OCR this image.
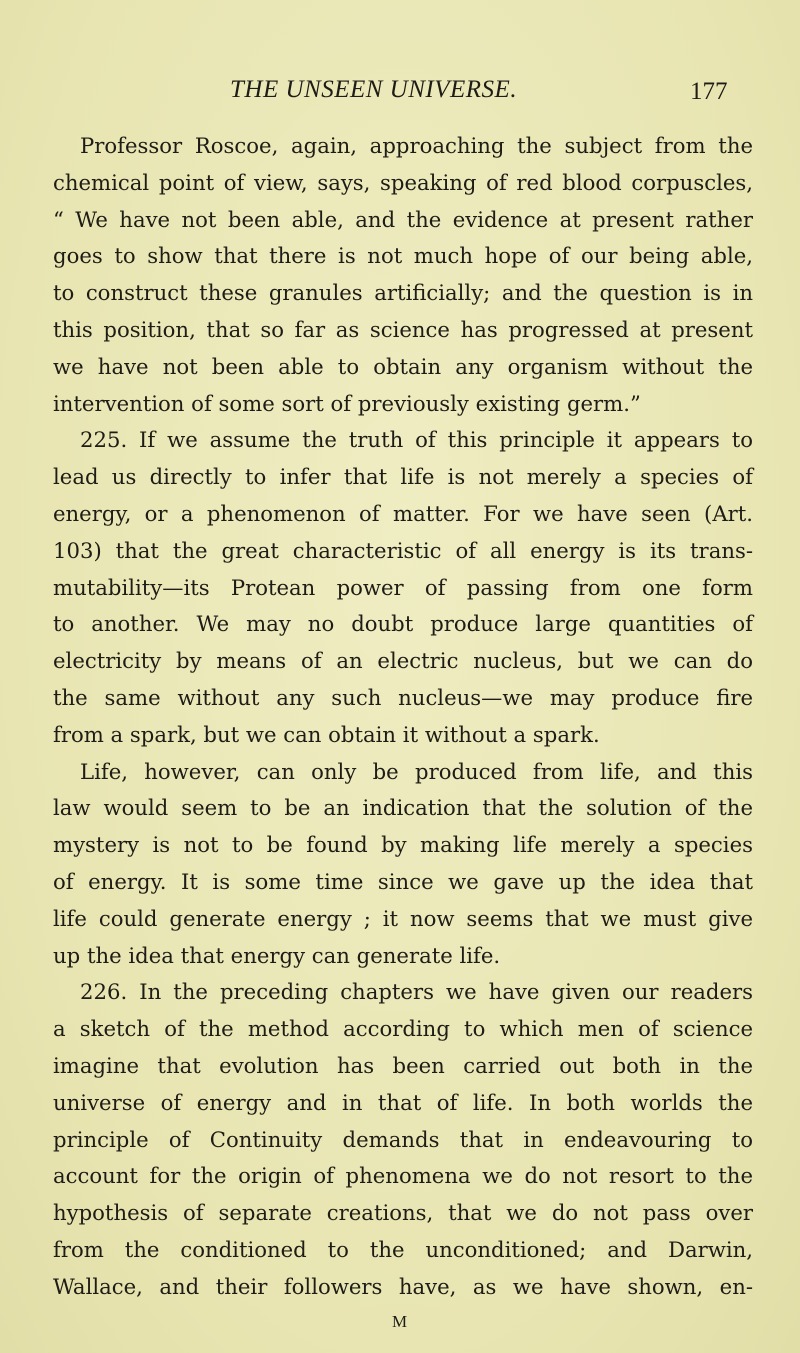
THE UNSEEN UNIVERSE.	177
Professor Roscoe, again, approaching the subject from the
chemical point of view, says, speaking of red blood corpuscles,
“ We have not been able, and the evidence at present rather
goes to show that there is not much hope of our being able,
to construct these granules artificially; and the question is in
this position, that so far as science has progressed at present
we have not been able to obtain any organism without the
intervention of some sort of previously existing germ.”
225. If we assume the truth of this principle it appears to
lead us directly to infer that life is not merely a species of
energy, or a phenomenon of matter. For we have seen (Art.
103) that the great characteristic of all energy is its trans-
mutability—its Protean power of passing from one form
to another. We may no doubt produce large quantities of
electricity by means of an electric nucleus, but we can do
the same without any such nucleus—we may produce fire
from a spark, but we can obtain it without a spark.
Life, however, can only be produced from life, and this
law would seem to be an indication that the solution of the
mystery is not to be found by making life merely a species
of energy. It is some time since we gave up the idea that
life could generate energy ; it now seems that we must give
up the idea that energy can generate life.
226. In the preceding chapters we have given our readers
a sketch of the method according to which men of science
imagine that evolution has been carried out both in the
universe of energy and in that of life. In both worlds the
principle of Continuity demands that in endeavouring to
account for the origin of phenomena we do not resort to the
hypothesis of separate creations, that we do not pass over
from the conditioned to the unconditioned; and Darwin,
Wallace, and their followers have, as we have shown, en-
M
